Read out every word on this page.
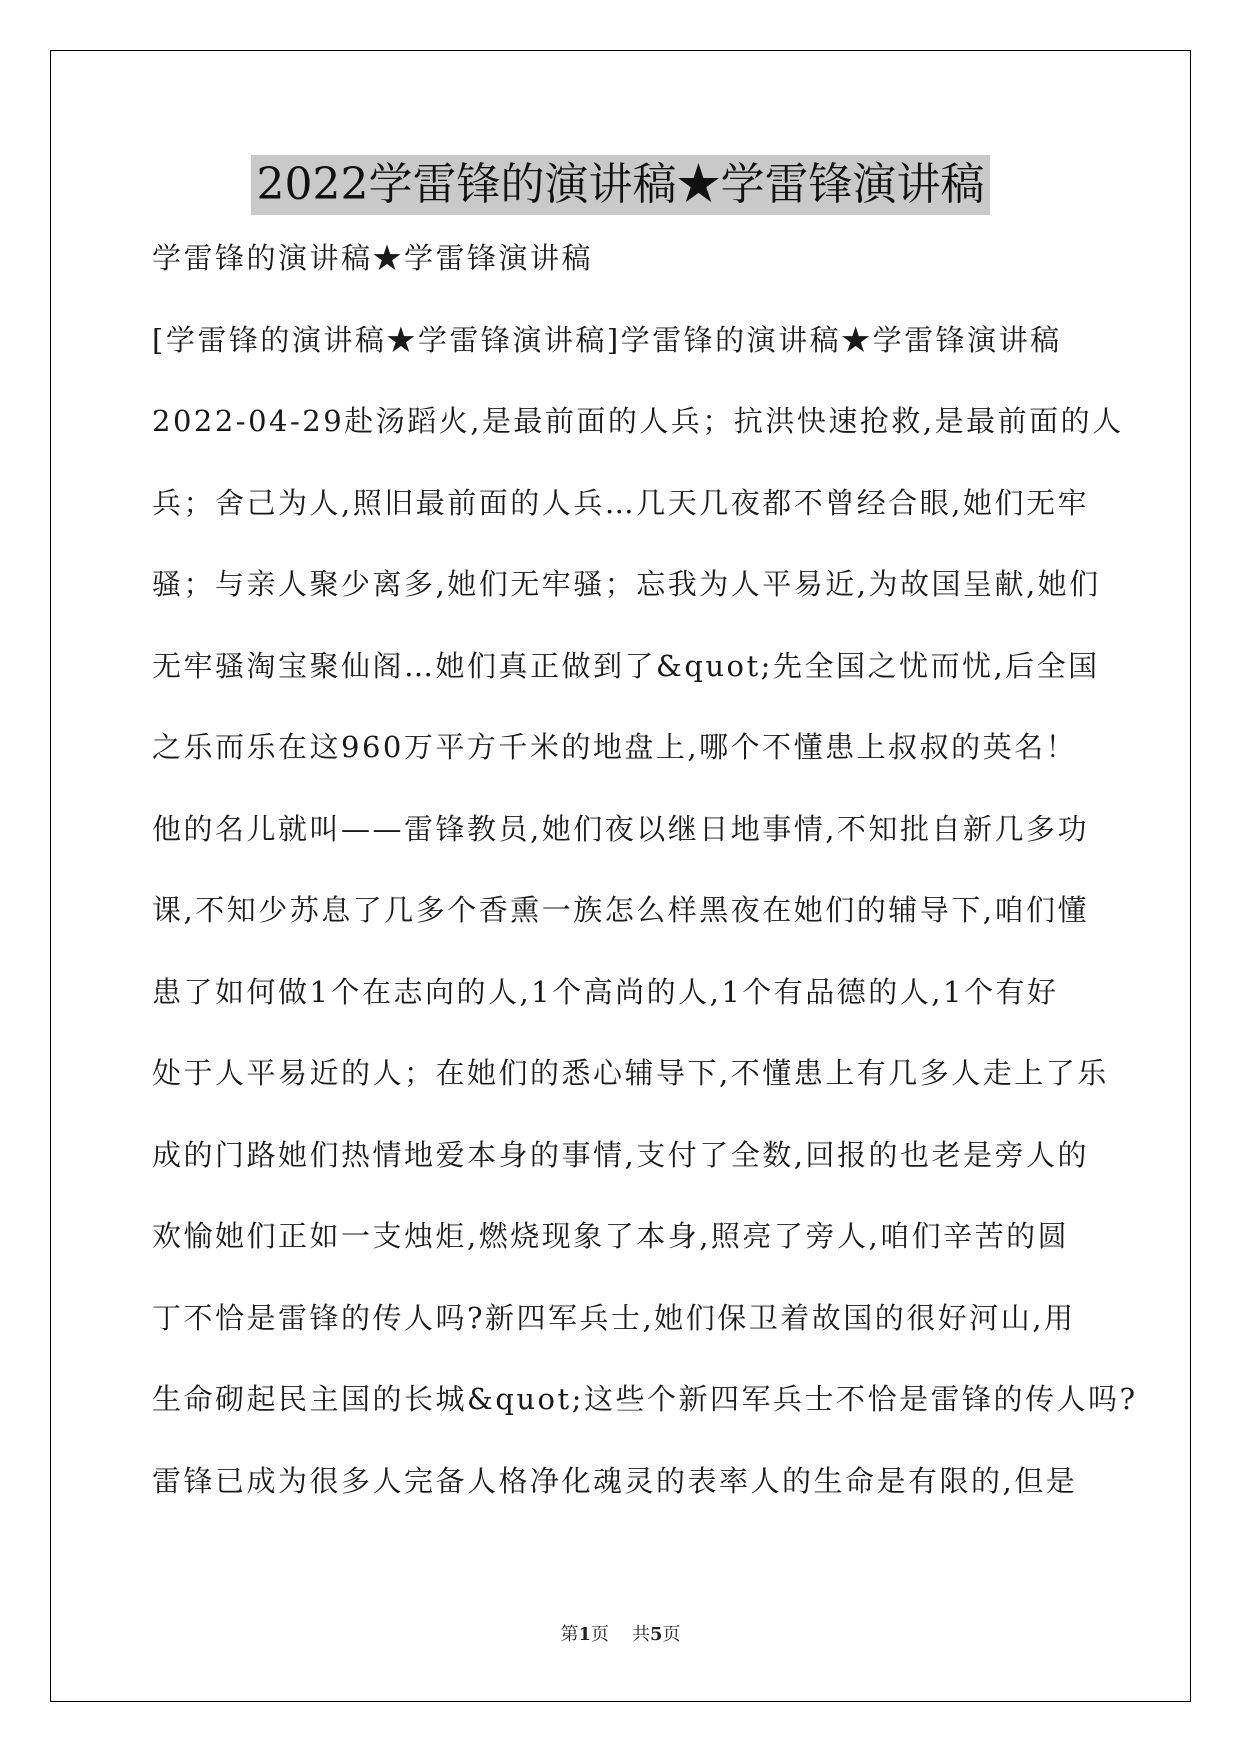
2022学雷锋的演讲稿★学雷锋演讲稿
学雷锋的演讲稿★学雷锋演讲稿
[学雷锋的演讲稿★学雷锋演讲稿]学雷锋的演讲稿★学雷锋演讲稿
2022-04-29赴汤蹈火,是最前面的人兵；抗洪快速抢救,是最前面的人
兵；舍己为人,照旧最前面的人兵…几天几夜都不曾经合眼,她们无牢
骚；与亲人聚少离多,她们无牢骚；忘我为人平易近,为故国呈献,她们
无牢骚淘宝聚仙阁…她们真正做到了&quot;先全国之忧而忧,后全国
之乐而乐在这960万平方千米的地盘上,哪个不懂患上叔叔的英名！
他的名儿就叫——雷锋教员,她们夜以继日地事情,不知批自新几多功
课,不知少苏息了几多个香熏一族怎么样黑夜在她们的辅导下,咱们懂
患了如何做1个在志向的人,1个高尚的人,1个有品德的人,1个有好
处于人平易近的人；在她们的悉心辅导下,不懂患上有几多人走上了乐
成的门路她们热情地爱本身的事情,支付了全数,回报的也老是旁人的
欢愉她们正如一支烛炬,燃烧现象了本身,照亮了旁人,咱们辛苦的圆
丁不恰是雷锋的传人吗?新四军兵士,她们保卫着故国的很好河山,用
生命砌起民主国的长城&quot;这些个新四军兵士不恰是雷锋的传人吗?
雷锋已成为很多人完备人格净化魂灵的表率人的生命是有限的,但是
第1页 共5页
